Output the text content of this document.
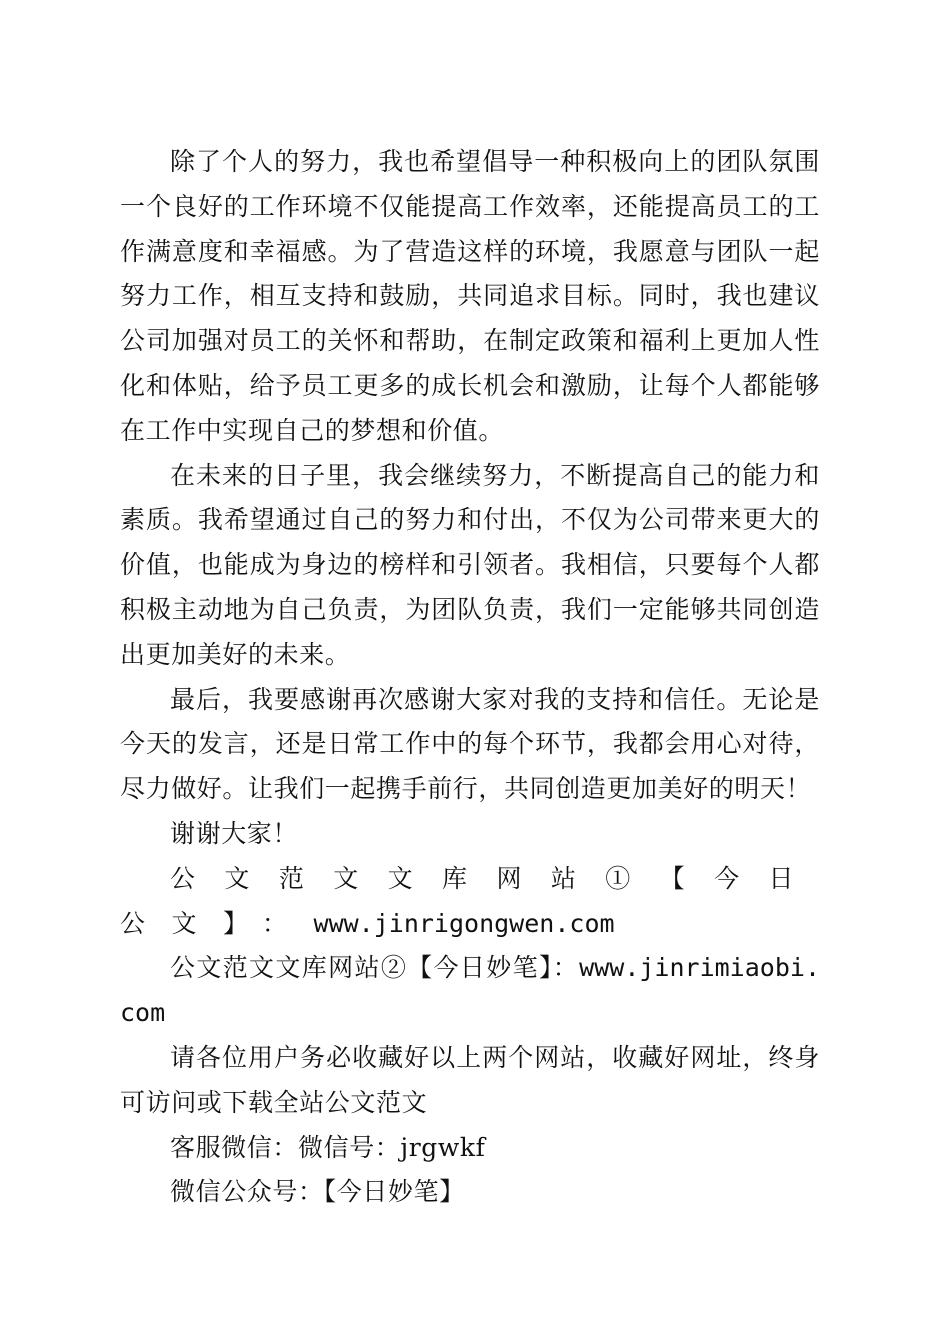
除了个人的努力，我也希望倡导一种积极向上的团队氛围一个良好的工作环境不仅能提高工作效率，还能提高员工的工作满意度和幸福感。为了营造这样的环境，我愿意与团队一起努力工作，相互支持和鼓励，共同追求目标。同时，我也建议公司加强对员工的关怀和帮助，在制定政策和福利上更加人性化和体贴，给予员工更多的成长机会和激励，让每个人都能够在工作中实现自己的梦想和价值。

在未来的日子里，我会继续努力，不断提高自己的能力和素质。我希望通过自己的努力和付出，不仅为公司带来更大的价值，也能成为身边的榜样和引领者。我相信，只要每个人都积极主动地为自己负责，为团队负责，我们一定能够共同创造出更加美好的未来。

最后，我要感谢再次感谢大家对我的支持和信任。无论是今天的发言，还是日常工作中的每个环节，我都会用心对待，尽力做好。让我们一起携手前行，共同创造更加美好的明天！

谢谢大家！

公文范文文库网站①【今日公文】：www.jinrigongwen.com

公文范文文库网站②【今日妙笔】：www.jinrimiaobi.com

请各位用户务必收藏好以上两个网站，收藏好网址，终身可访问或下载全站公文范文

客服微信：微信号：jrgwkf

微信公众号：【今日妙笔】
